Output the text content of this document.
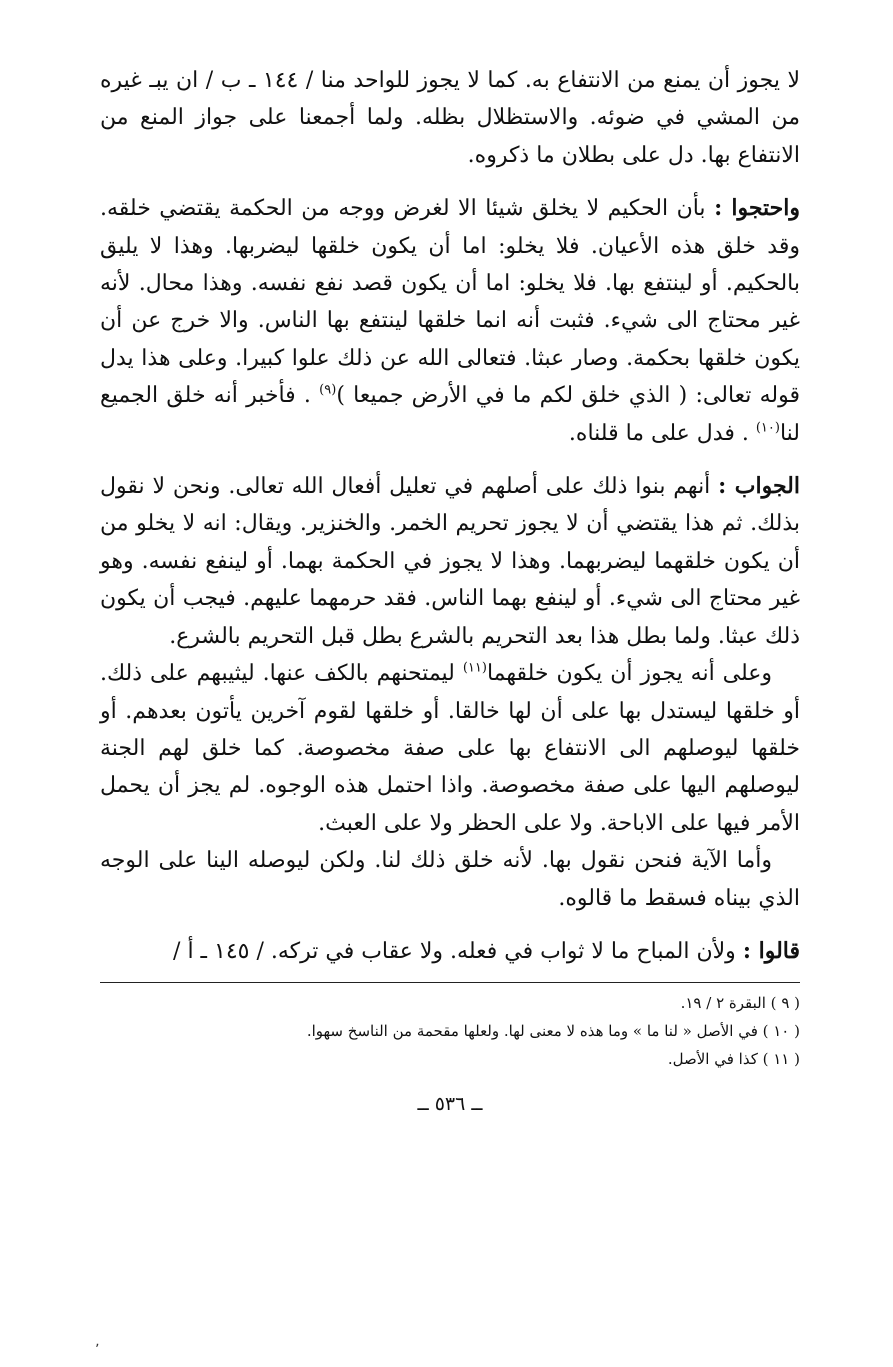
لا يجوز أن يمنع من الانتفاع به. كما لا يجوز للواحد منا / ١٤٤ ـ ب / ان يبـ غيره من المشي في ضوئه. والاستظلال بظله. ولما أجمعنا على جواز المنع من الانتفاع بها. دل على بطلان ما ذكروه.

واحتجوا : بأن الحكيم لا يخلق شيئا الا لغرض ووجه من الحكمة يقتضي خلقه. وقد خلق هذه الأعيان. فلا يخلو: اما أن يكون خلقها ليضربها. وهذا لا يليق بالحكيم. أو لينتفع بها. فلا يخلو: اما أن يكون قصد نفع نفسه. وهذا محال. لأنه غير محتاج الى شيء. فثبت أنه انما خلقها لينتفع بها الناس. والا خرج عن أن يكون خلقها بحكمة. وصار عبثا. فتعالى الله عن ذلك علوا كبيرا. وعلى هذا يدل قوله تعالى: ( الذي خلق لكم ما في الأرض جميعا )$^{(٩)}$ . فأخبر أنه خلق الجميع لنا$^{(١٠)}$ . فدل على ما قلناه.

الجواب : أنهم بنوا ذلك على أصلهم في تعليل أفعال الله تعالى. ونحن لا نقول بذلك. ثم هذا يقتضي أن لا يجوز تحريم الخمر. والخنزير. ويقال: انه لا يخلو من أن يكون خلقهما ليضربهما. وهذا لا يجوز في الحكمة بهما. أو لينفع نفسه. وهو غير محتاج الى شيء. أو لينفع بهما الناس. فقد حرمهما عليهم. فيجب أن يكون ذلك عبثا. ولما بطل هذا بعد التحريم بالشرع بطل قبل التحريم بالشرع.

وعلى أنه يجوز أن يكون خلقهما$^{(١١)}$ ليمتحنهم بالكف عنها. ليثيبهم على ذلك. أو خلقها ليستدل بها على أن لها خالقا. أو خلقها لقوم آخرين يأتون بعدهم. أو خلقها ليوصلهم الى الانتفاع بها على صفة مخصوصة. كما خلق لهم الجنة ليوصلهم اليها على صفة مخصوصة. واذا احتمل هذه الوجوه. لم يجز أن يحمل الأمر فيها على الاباحة. ولا على الحظر ولا على العبث.

وأما الآية فنحن نقول بها. لأنه خلق ذلك لنا. ولكن ليوصله الينا على الوجه الذي بيناه فسقط ما قالوه.

قالوا : ولأن المباح ما لا ثواب في فعله. ولا عقاب في تركه. / ١٤٥ ـ أ /

( ٩ ) البقرة ٢ / ١٩.

( ١٠ ) في الأصل « لنا ما » وما هذه لا معنى لها. ولعلها مقحمة من الناسخ سهوا.

( ١١ ) كذا في الأصل.

ــ ٥٣٦ ــ
٬
